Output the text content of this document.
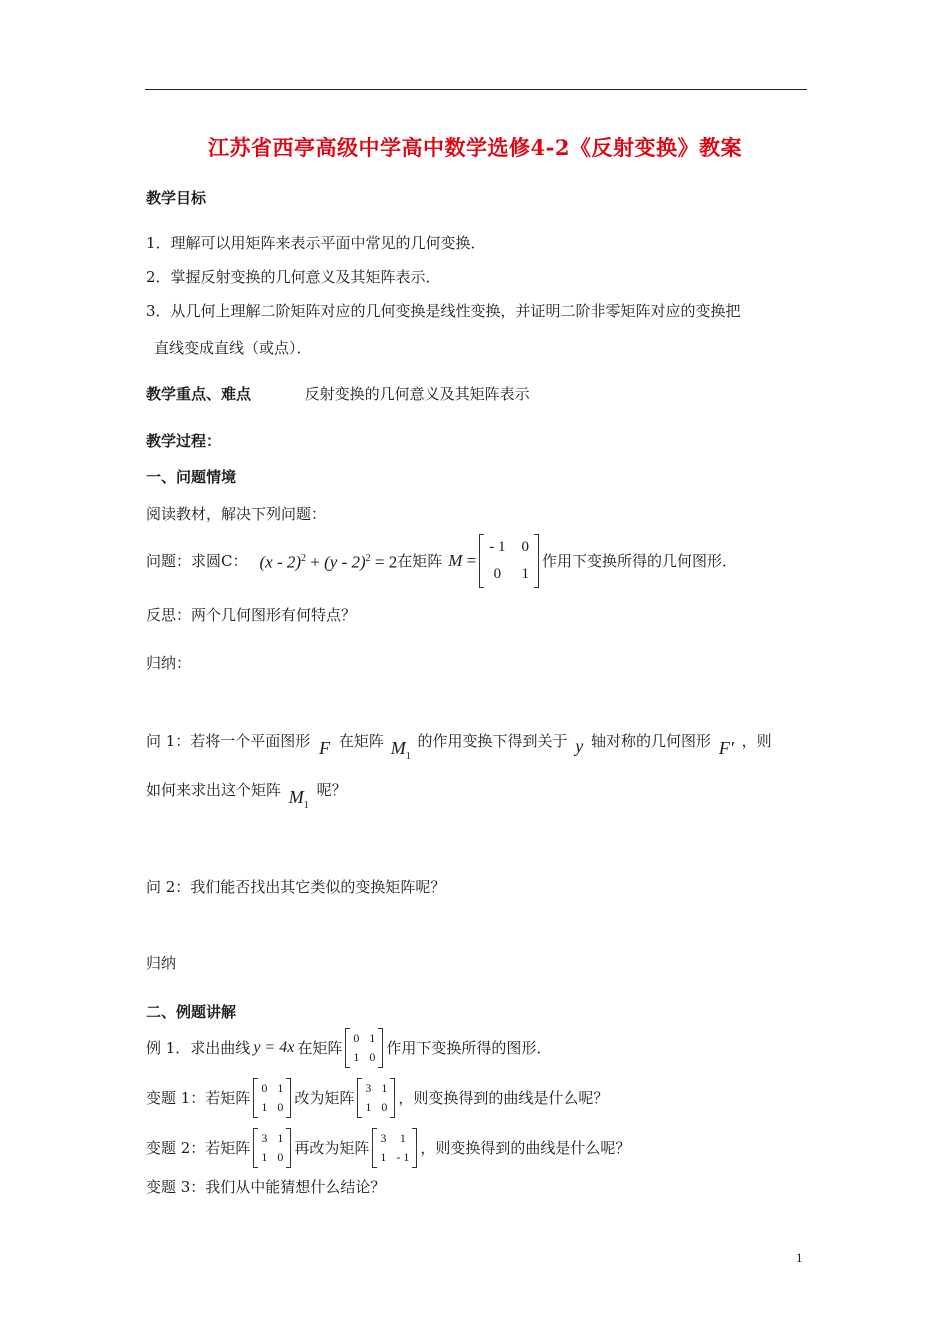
江苏省西亭高级中学高中数学选修4-2《反射变换》教案
教学目标
1．理解可以用矩阵来表示平面中常见的几何变换．
2．掌握反射变换的几何意义及其矩阵表示．
3．从几何上理解二阶矩阵对应的几何变换是线性变换，并证明二阶非零矩阵对应的变换把
直线变成直线（或点）．
教学重点、难点	反射变换的几何意义及其矩阵表示
教学过程：
一、问题情境
阅读教材，解决下列问题：
问题：求圆C： (x - 2)$^2$ + (y - 2)$^2$ = 2 在矩阵 M =
- 1 0
0 1
作用下变换所得的几何图形．
反思：两个几何图形有何特点？
归纳：
问 1：若将一个平面图形 F 在矩阵 $M_1$ 的作用变换下得到关于 y 轴对称的几何图形 F′ ，则
如何来求出这个矩阵 $M_1$ 呢？
问 2：我们能否找出其它类似的变换矩阵呢？
归纳
二、例题讲解
例 1．求出曲线 y = 4x 在矩阵
0 1
1 0 作用下变换所得的图形．
变题 1：若矩阵
0 1
1 0 改为矩阵
3 1
1 0 ，则变换得到的曲线是什么呢？
变题 2：若矩阵
3 1
1 0 再改为矩阵
3 1
1 - 1 ，则变换得到的曲线是什么呢？
变题 3：我们从中能猜想什么结论？
1
